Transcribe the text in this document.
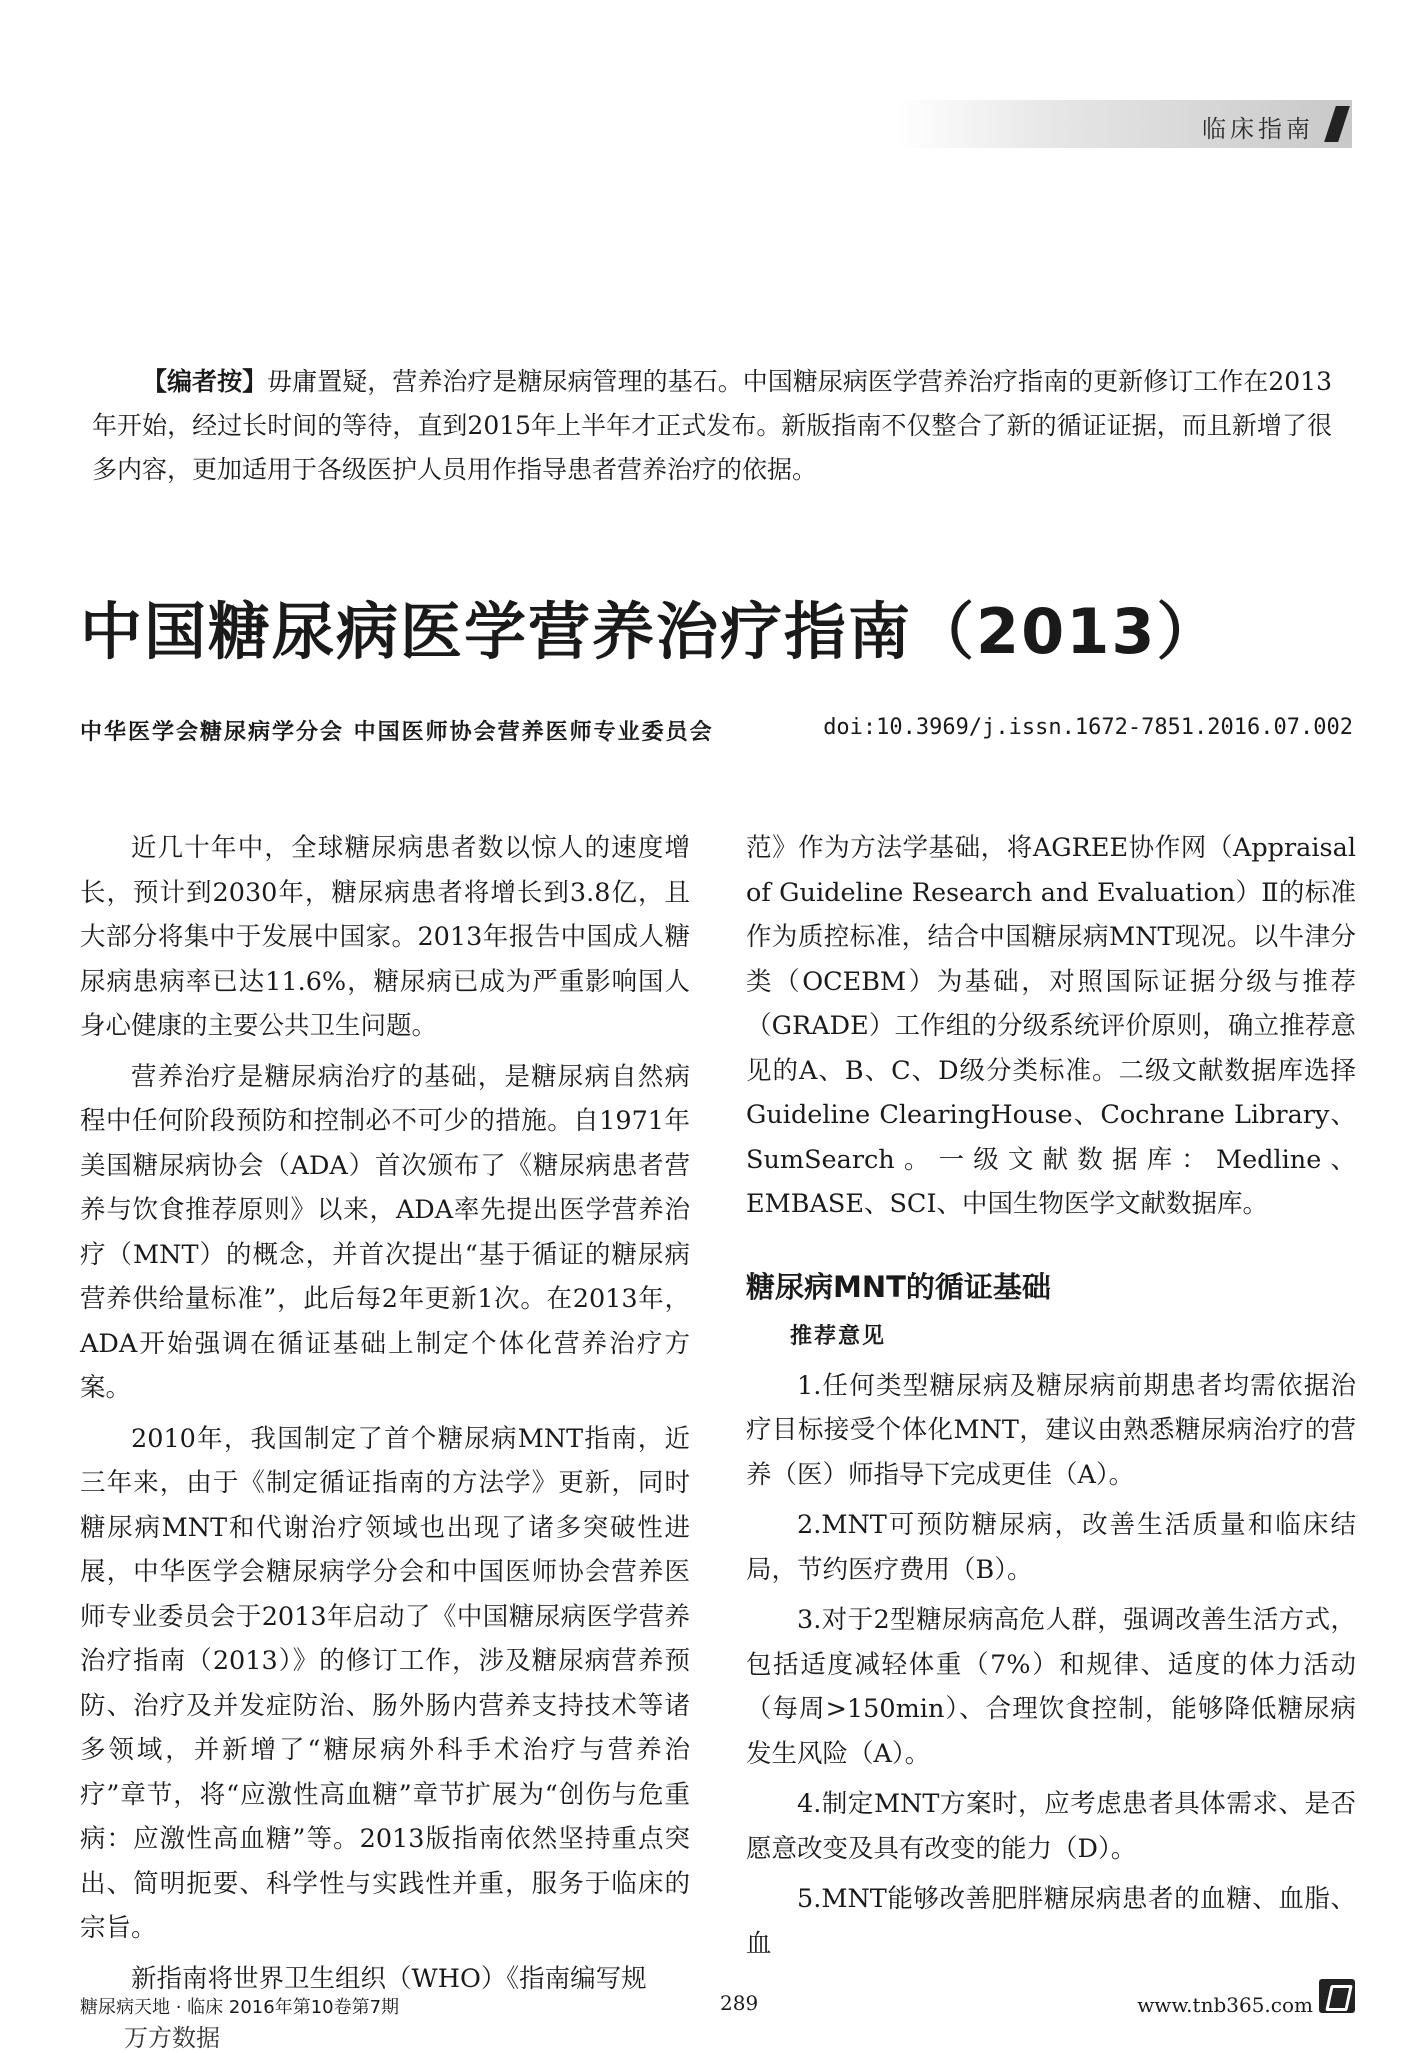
临床指南
【编者按】毋庸置疑，营养治疗是糖尿病管理的基石。中国糖尿病医学营养治疗指南的更新修订工作在2013年开始，经过长时间的等待，直到2015年上半年才正式发布。新版指南不仅整合了新的循证证据，而且新增了很多内容，更加适用于各级医护人员用作指导患者营养治疗的依据。
中国糖尿病医学营养治疗指南（2013）
中华医学会糖尿病学分会 中国医师协会营养医师专业委员会	doi:10.3969/j.issn.1672-7851.2016.07.002

近几十年中，全球糖尿病患者数以惊人的速度增长，预计到2030年，糖尿病患者将增长到3.8亿，且大部分将集中于发展中国家。2013年报告中国成人糖尿病患病率已达11.6%，糖尿病已成为严重影响国人身心健康的主要公共卫生问题。

营养治疗是糖尿病治疗的基础，是糖尿病自然病程中任何阶段预防和控制必不可少的措施。自1971年美国糖尿病协会（ADA）首次颁布了《糖尿病患者营养与饮食推荐原则》以来，ADA率先提出医学营养治疗（MNT）的概念，并首次提出“基于循证的糖尿病营养供给量标准”，此后每2年更新1次。在2013年，ADA开始强调在循证基础上制定个体化营养治疗方案。

2010年，我国制定了首个糖尿病MNT指南，近三年来，由于《制定循证指南的方法学》更新，同时糖尿病MNT和代谢治疗领域也出现了诸多突破性进展，中华医学会糖尿病学分会和中国医师协会营养医师专业委员会于2013年启动了《中国糖尿病医学营养治疗指南（2013）》的修订工作，涉及糖尿病营养预防、治疗及并发症防治、肠外肠内营养支持技术等诸多领域，并新增了“糖尿病外科手术治疗与营养治疗”章节，将“应激性高血糖”章节扩展为“创伤与危重病：应激性高血糖”等。2013版指南依然坚持重点突出、简明扼要、科学性与实践性并重，服务于临床的宗旨。

新指南将世界卫生组织（WHO）《指南编写规

范》作为方法学基础，将AGREE协作网（Appraisal of Guideline Research and Evaluation）Ⅱ的标准作为质控标准，结合中国糖尿病MNT现况。以牛津分类（OCEBM）为基础，对照国际证据分级与推荐（GRADE）工作组的分级系统评价原则，确立推荐意见的A、B、C、D级分类标准。二级文献数据库选择Guideline ClearingHouse、Cochrane Library、SumSearch。一级文献数据库：Medline、EMBASE、SCI、中国生物医学文献数据库。

糖尿病MNT的循证基础
推荐意见

1.任何类型糖尿病及糖尿病前期患者均需依据治疗目标接受个体化MNT，建议由熟悉糖尿病治疗的营养（医）师指导下完成更佳（A）。

2.MNT可预防糖尿病，改善生活质量和临床结局，节约医疗费用（B）。

3.对于2型糖尿病高危人群，强调改善生活方式，包括适度减轻体重（7%）和规律、适度的体力活动（每周>150min）、合理饮食控制，能够降低糖尿病发生风险（A）。

4.制定MNT方案时，应考虑患者具体需求、是否愿意改变及具有改变的能力（D）。

5.MNT能够改善肥胖糖尿病患者的血糖、血脂、血

糖尿病天地 · 临床 2016年第10卷第7期	289	www.tnb365.com
万方数据
